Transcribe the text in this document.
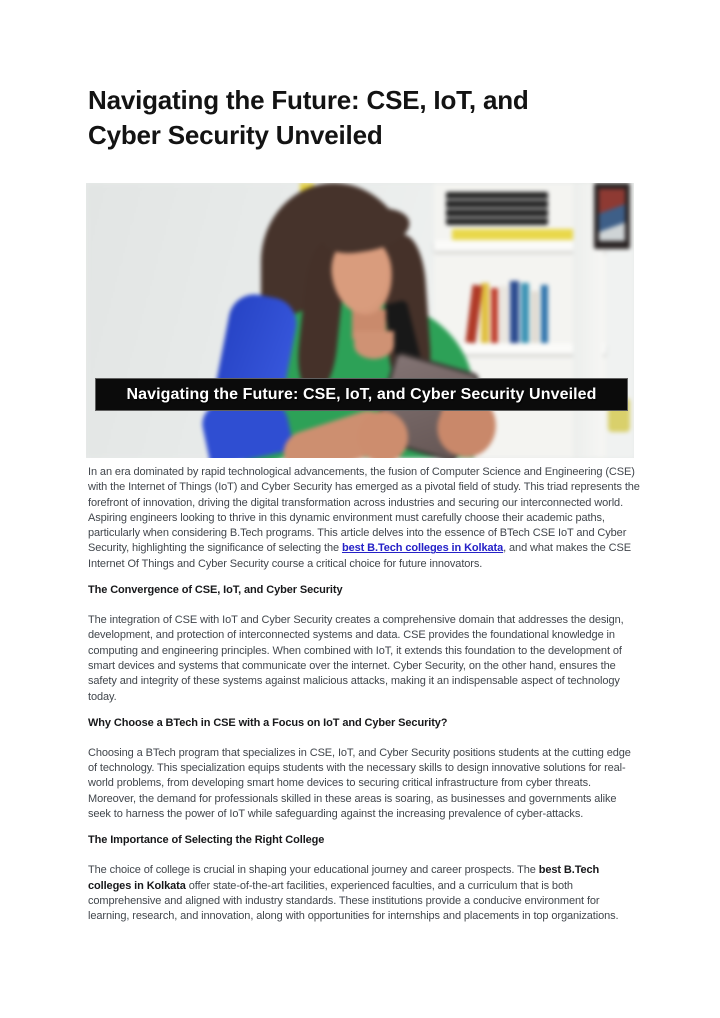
Navigating the Future: CSE, IoT, and Cyber Security Unveiled
Navigating the Future: CSE, IoT, and Cyber Security Unveiled

In an era dominated by rapid technological advancements, the fusion of Computer Science and Engineering (CSE) with the Internet of Things (IoT) and Cyber Security has emerged as a pivotal field of study. This triad represents the forefront of innovation, driving the digital transformation across industries and securing our interconnected world. Aspiring engineers looking to thrive in this dynamic environment must carefully choose their academic paths, particularly when considering B.Tech programs. This article delves into the essence of BTech CSE IoT and Cyber Security, highlighting the significance of selecting the best B.Tech colleges in Kolkata, and what makes the CSE Internet Of Things and Cyber Security course a critical choice for future innovators.

The Convergence of CSE, IoT, and Cyber Security

The integration of CSE with IoT and Cyber Security creates a comprehensive domain that addresses the design, development, and protection of interconnected systems and data. CSE provides the foundational knowledge in computing and engineering principles. When combined with IoT, it extends this foundation to the development of smart devices and systems that communicate over the internet. Cyber Security, on the other hand, ensures the safety and integrity of these systems against malicious attacks, making it an indispensable aspect of technology today.

Why Choose a BTech in CSE with a Focus on IoT and Cyber Security?

Choosing a BTech program that specializes in CSE, IoT, and Cyber Security positions students at the cutting edge of technology. This specialization equips students with the necessary skills to design innovative solutions for real-world problems, from developing smart home devices to securing critical infrastructure from cyber threats. Moreover, the demand for professionals skilled in these areas is soaring, as businesses and governments alike seek to harness the power of IoT while safeguarding against the increasing prevalence of cyber-attacks.

The Importance of Selecting the Right College

The choice of college is crucial in shaping your educational journey and career prospects. The best B.Tech colleges in Kolkata offer state-of-the-art facilities, experienced faculties, and a curriculum that is both comprehensive and aligned with industry standards. These institutions provide a conducive environment for learning, research, and innovation, along with opportunities for internships and placements in top organizations.
